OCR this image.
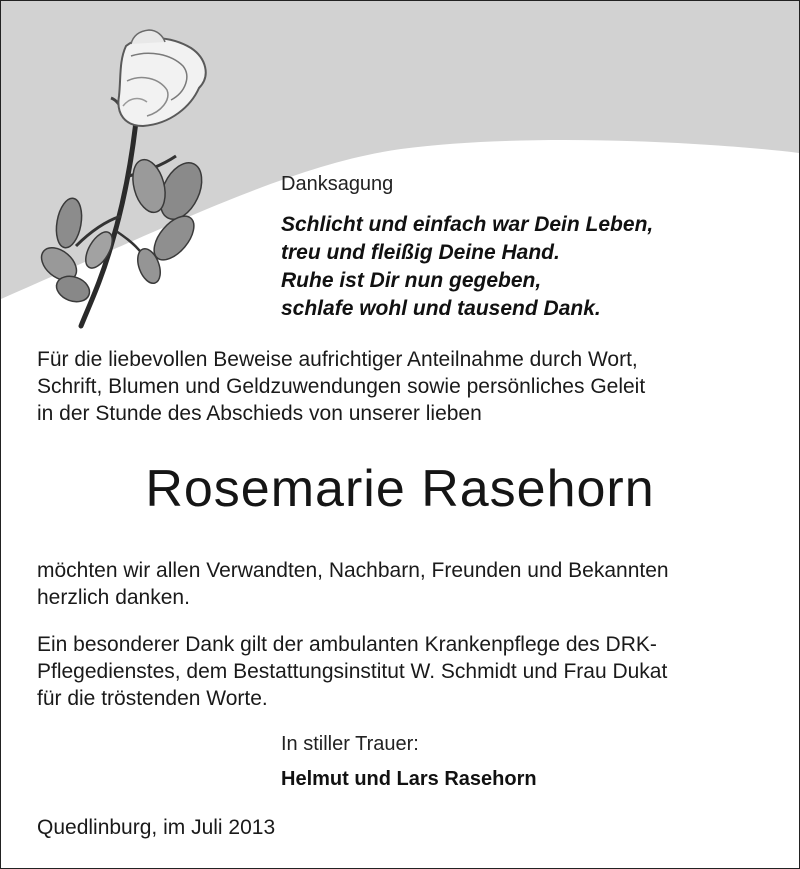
Danksagung
Schlicht und einfach war Dein Leben,
treu und fleißig Deine Hand.
Ruhe ist Dir nun gegeben,
schlafe wohl und tausend Dank.
Für die liebevollen Beweise aufrichtiger Anteilnahme durch Wort,
Schrift, Blumen und Geldzuwendungen sowie persönliches Geleit
in der Stunde des Abschieds von unserer lieben
Rosemarie Rasehorn
möchten wir allen Verwandten, Nachbarn, Freunden und Bekannten
herzlich danken.
Ein besonderer Dank gilt der ambulanten Krankenpflege des DRK-
Pflegedienstes, dem Bestattungsinstitut W. Schmidt und Frau Dukat
für die tröstenden Worte.
In stiller Trauer:
Helmut und Lars Rasehorn
Quedlinburg, im Juli 2013
